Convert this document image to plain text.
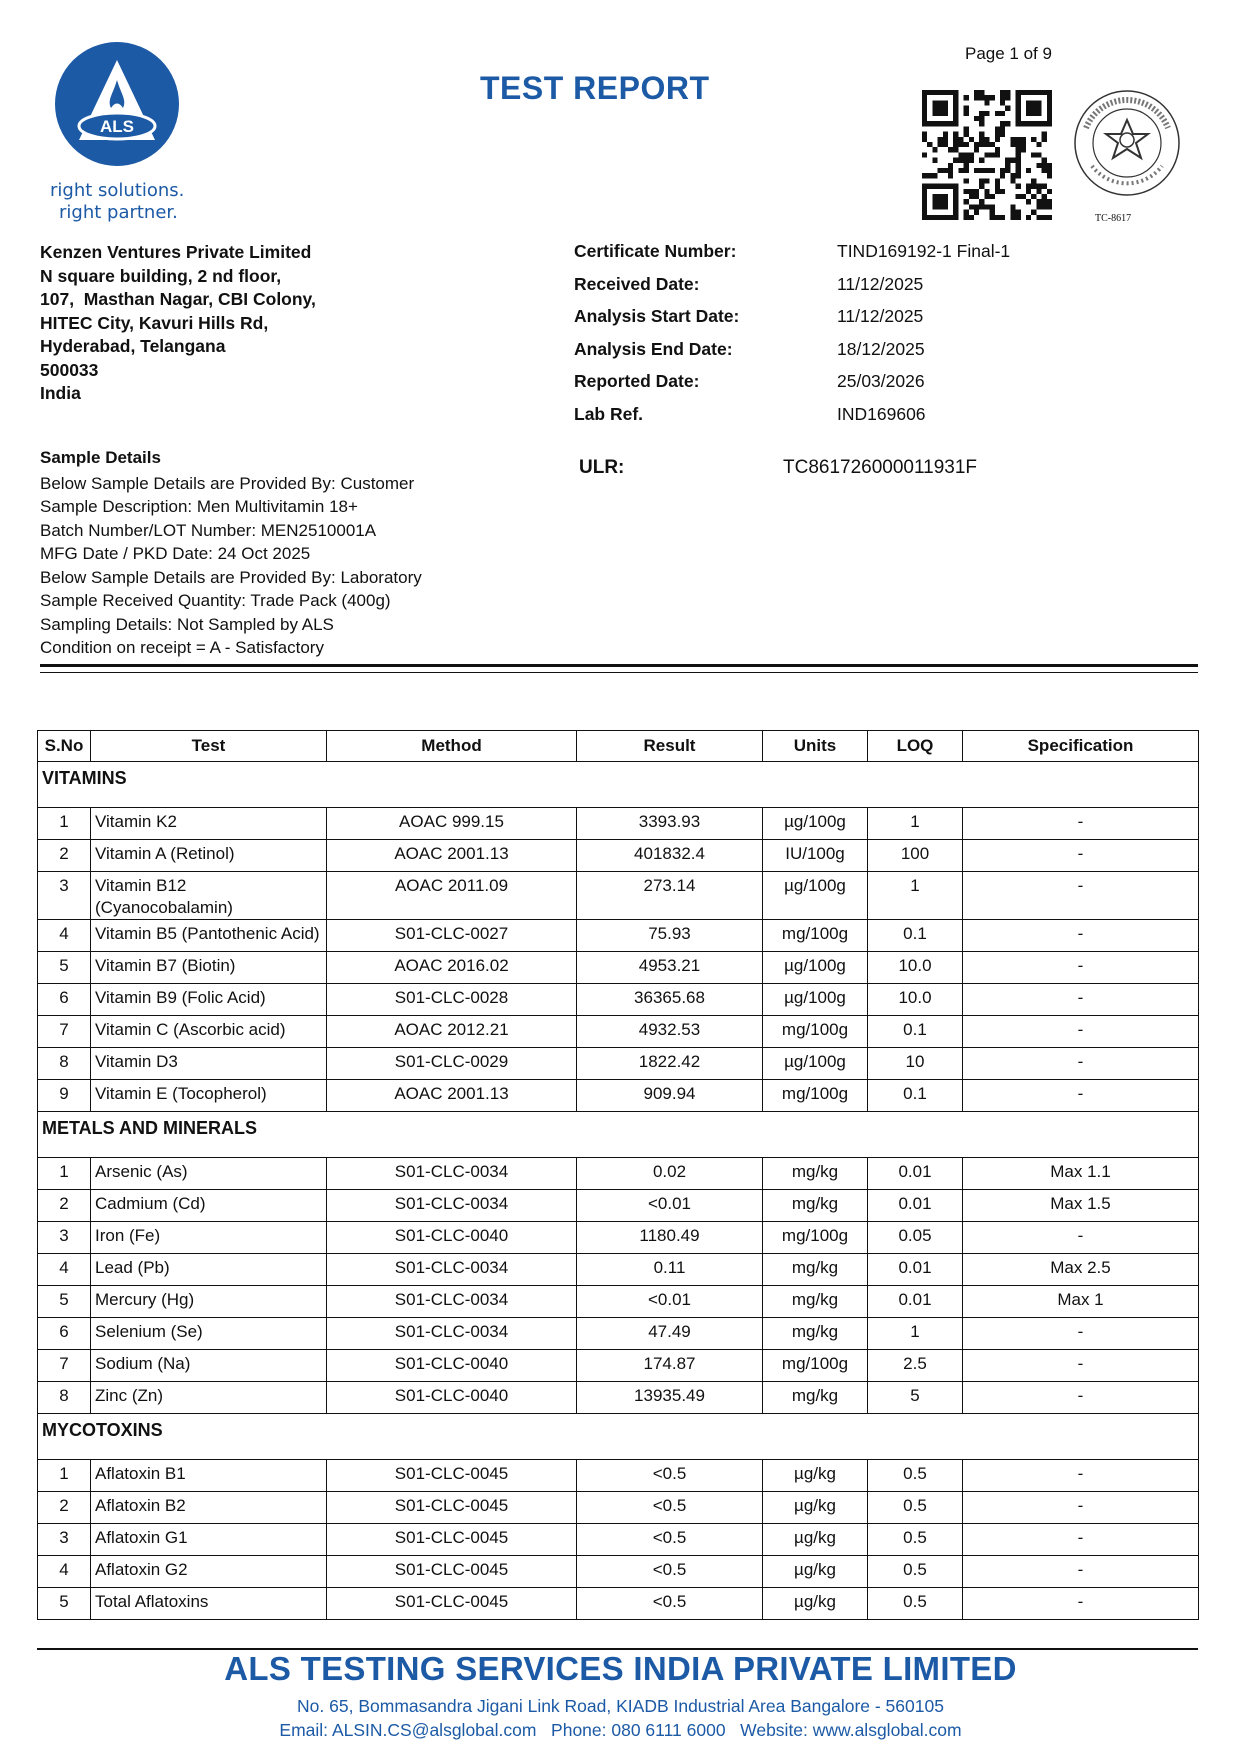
ALS
right solutions.
right partner.
TEST REPORT
Page 1 of 9
TC-8617
Kenzen Ventures Private Limited
N square building, 2 nd floor,
107,  Masthan Nagar, CBI Colony,
HITEC City, Kavuri Hills Rd,
Hyderabad, Telangana
500033
India
Certificate Number:	TIND169192-1 Final-1
Received Date:	11/12/2025
Analysis Start Date:	11/12/2025
Analysis End Date:	18/12/2025
Reported Date:	25/03/2026
Lab Ref.	IND169606
ULR:	TC861726000011931F
Sample Details
Below Sample Details are Provided By: Customer
Sample Description: Men Multivitamin 18+
Batch Number/LOT Number: MEN2510001A
MFG Date / PKD Date: 24 Oct 2025
Below Sample Details are Provided By: Laboratory
Sample Received Quantity: Trade Pack (400g)
Sampling Details: Not Sampled by ALS
Condition on receipt = A - Satisfactory
S.No	Test	Method	Result	Units	LOQ	Specification
VITAMINS						
1	Vitamin K2	AOAC 999.15	3393.93	µg/100g	1	-
2	Vitamin A (Retinol)	AOAC 2001.13	401832.4	IU/100g	100	-
3	Vitamin B12 (Cyanocobalamin)	AOAC 2011.09	273.14	µg/100g	1	-
4	Vitamin B5 (Pantothenic Acid)	S01-CLC-0027	75.93	mg/100g	0.1	-
5	Vitamin B7 (Biotin)	AOAC 2016.02	4953.21	µg/100g	10.0	-
6	Vitamin B9 (Folic Acid)	S01-CLC-0028	36365.68	µg/100g	10.0	-
7	Vitamin C (Ascorbic acid)	AOAC 2012.21	4932.53	mg/100g	0.1	-
8	Vitamin D3	S01-CLC-0029	1822.42	µg/100g	10	-
9	Vitamin E (Tocopherol)	AOAC 2001.13	909.94	mg/100g	0.1	-
METALS AND MINERALS						
1	Arsenic (As)	S01-CLC-0034	0.02	mg/kg	0.01	Max 1.1
2	Cadmium (Cd)	S01-CLC-0034	<0.01	mg/kg	0.01	Max 1.5
3	Iron (Fe)	S01-CLC-0040	1180.49	mg/100g	0.05	-
4	Lead (Pb)	S01-CLC-0034	0.11	mg/kg	0.01	Max 2.5
5	Mercury (Hg)	S01-CLC-0034	<0.01	mg/kg	0.01	Max 1
6	Selenium (Se)	S01-CLC-0034	47.49	mg/kg	1	-
7	Sodium (Na)	S01-CLC-0040	174.87	mg/100g	2.5	-
8	Zinc (Zn)	S01-CLC-0040	13935.49	mg/kg	5	-
MYCOTOXINS						
1	Aflatoxin B1	S01-CLC-0045	<0.5	µg/kg	0.5	-
2	Aflatoxin B2	S01-CLC-0045	<0.5	µg/kg	0.5	-
3	Aflatoxin G1	S01-CLC-0045	<0.5	µg/kg	0.5	-
4	Aflatoxin G2	S01-CLC-0045	<0.5	µg/kg	0.5	-
5	Total Aflatoxins	S01-CLC-0045	<0.5	µg/kg	0.5	-
ALS TESTING SERVICES INDIA PRIVATE LIMITED
No. 65, Bommasandra Jigani Link Road, KIADB Industrial Area Bangalore - 560105
Email: ALSIN.CS@alsglobal.com   Phone: 080 6111 6000   Website: www.alsglobal.com
